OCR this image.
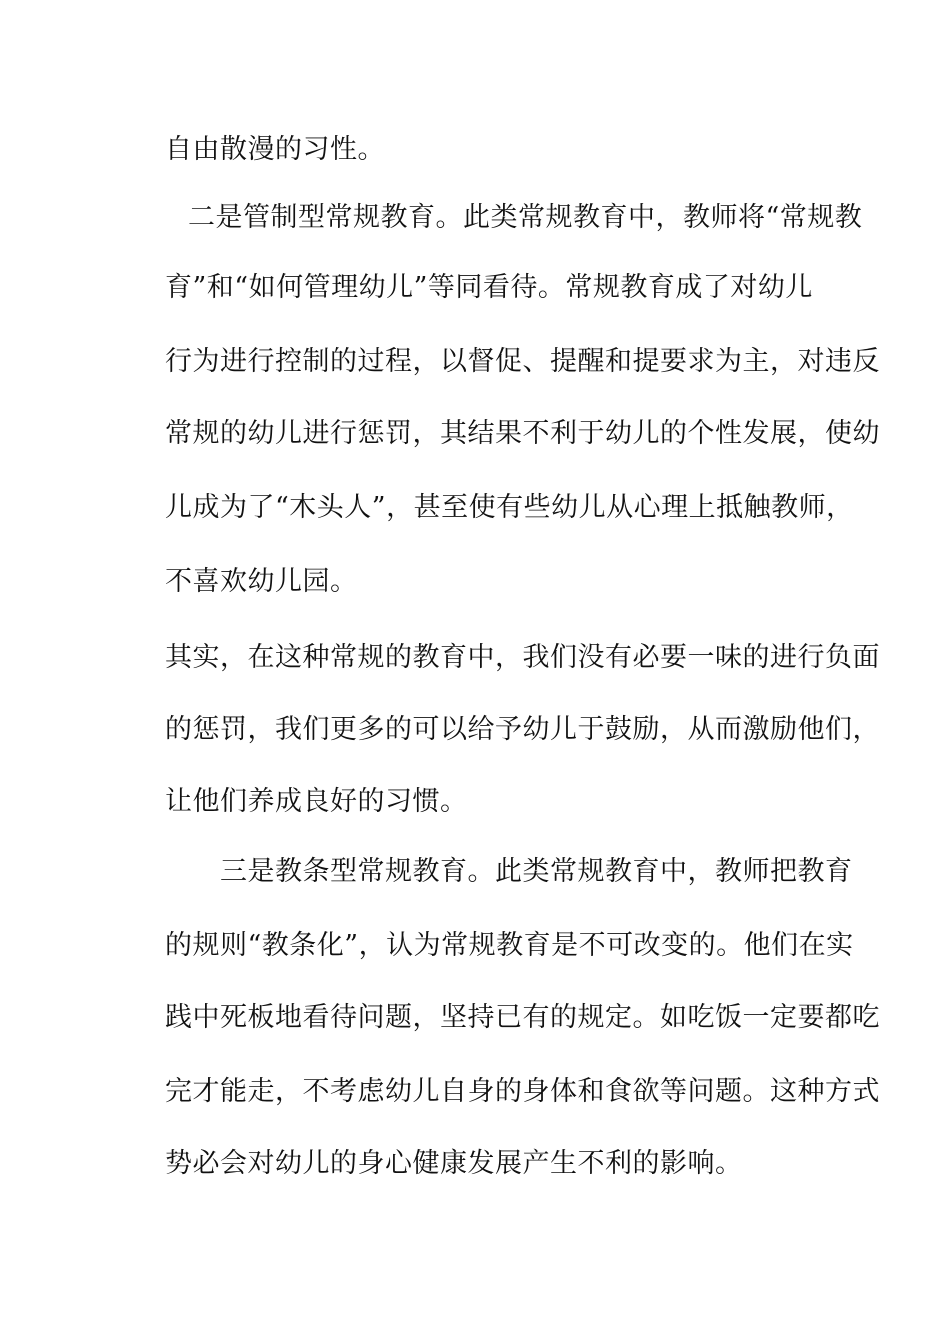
自由散漫的习性。
二是管制型常规教育。此类常规教育中，教师将“常规教
育”和“如何管理幼儿”等同看待。常规教育成了对幼儿
行为进行控制的过程，以督促、提醒和提要求为主，对违反
常规的幼儿进行惩罚，其结果不利于幼儿的个性发展，使幼
儿成为了“木头人”，甚至使有些幼儿从心理上抵触教师，
不喜欢幼儿园。
其实，在这种常规的教育中，我们没有必要一味的进行负面
的惩罚，我们更多的可以给予幼儿于鼓励，从而激励他们，
让他们养成良好的习惯。
三是教条型常规教育。此类常规教育中，教师把教育
的规则“教条化”，认为常规教育是不可改变的。他们在实
践中死板地看待问题，坚持已有的规定。如吃饭一定要都吃
完才能走，不考虑幼儿自身的身体和食欲等问题。这种方式
势必会对幼儿的身心健康发展产生不利的影响。
